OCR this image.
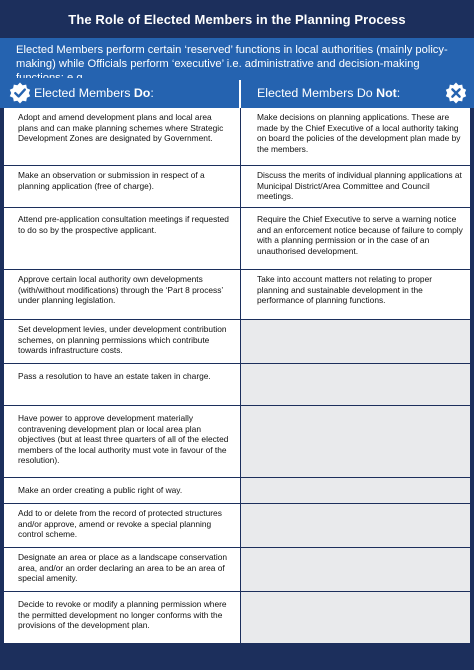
The Role of Elected Members in the Planning Process
Elected Members perform certain ‘reserved’ functions in local authorities (mainly policy-making) while Officials perform ‘executive’ i.e. administrative and decision-making
Elected Members Do :	Elected Members Do Not :
Adopt and amend development plans and local area plans and can make planning schemes where Strategic Development Zones are designated by Government.
Make decisions on planning applications. These are made by the Chief Executive of a local authority taking on board the policies of the development plan made by the members.
Make an observation or submission in respect of a planning application (free of charge).
Discuss the merits of individual planning applications at Municipal District/Area Committee and Council meetings.
Attend pre-application consultation meetings if requested to do so by the prospective applicant.
Require the Chief Executive to serve a warning notice and an enforcement notice because of failure to comply with a planning permission or in the case of an unauthorised development.
Approve certain local authority own developments (with/without modifications) through the ‘Part 8 process’ under planning legislation.
Take into account matters not relating to proper planning and sustainable development in the performance of planning functions.
Set development levies, under development contribution schemes, on planning permissions which contribute towards infrastructure costs.
Pass a resolution to have an estate taken in charge.
Have power to approve development materially contravening development plan or local area plan objectives (but at least three quarters of all of the elected members of the local authority must vote in favour of the resolution).
Make an order creating a public right of way.
Add to or delete from the record of protected structures and/or approve, amend or revoke a special planning control scheme.
Designate an area or place as a landscape conservation area, and/or an order declaring an area to be an area of special amenity.
Decide to revoke or modify a planning permission where the permitted development no longer conforms with the provisions of the development plan.
